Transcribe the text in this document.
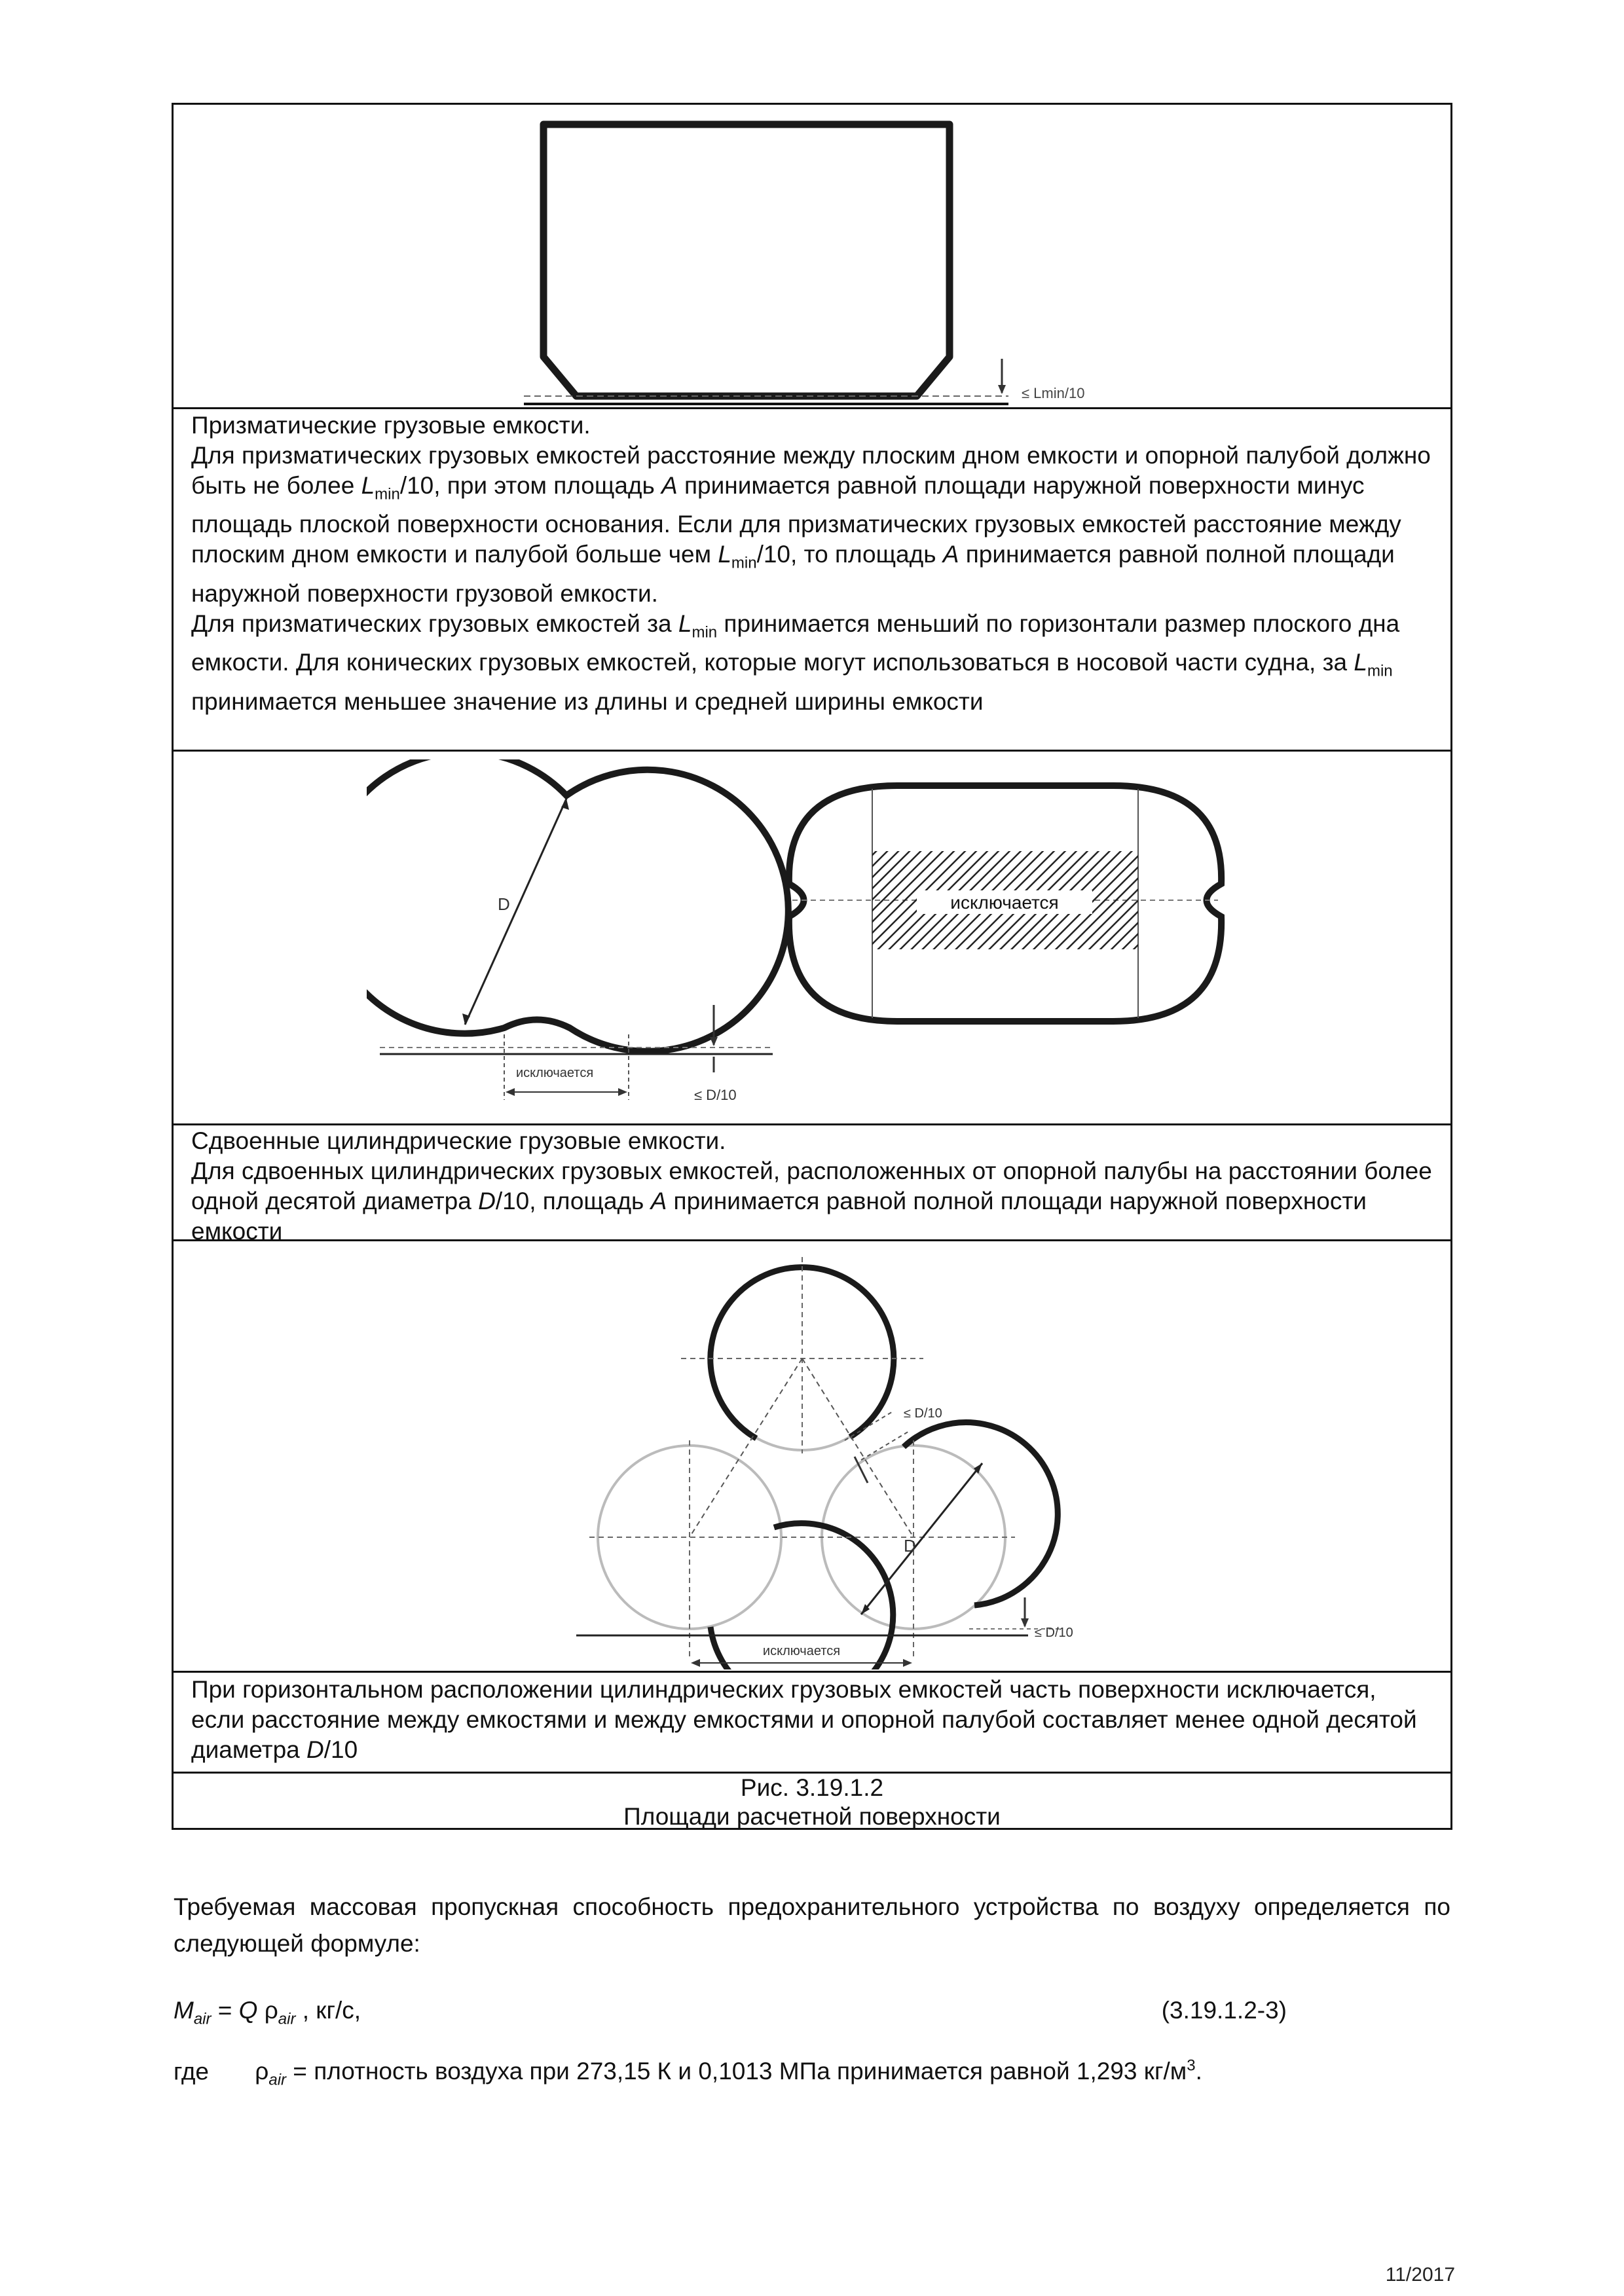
≤ Lmin/10

Призматические грузовые емкости.

Для призматических грузовых емкостей расстояние между плоским дном емкости и опорной палубой должно быть не более $L_{min}/10$, при этом площадь A принимается равной площади наружной поверхности минус площадь плоской поверхности основания. Если для призматических грузовых емкостей расстояние между плоским дном емкости и палубой больше чем $L_{min}/10$, то площадь A принимается равной полной площади наружной поверхности грузовой емкости.

Для призматических грузовых емкостей за $L_{min}$ принимается меньший по горизонтали размер плоского дна емкости. Для конических грузовых емкостей, которые могут использоваться в носовой части судна, за $L_{min}$ принимается меньшее значение из длины и средней ширины емкости

D
исключается
≤ D/10
исключается

Сдвоенные цилиндрические грузовые емкости.

Для сдвоенных цилиндрических грузовых емкостей, расположенных от опорной палубы на расстоянии более одной десятой диаметра D/10, площадь A принимается равной полной площади наружной поверхности емкости

≤ D/10
D
≤ D/10
исключается

При горизонтальном расположении цилиндрических грузовых емкостей часть поверхности исключается, если расстояние между емкостями и между емкостями и опорной палубой составляет менее одной десятой диаметра D/10

Рис. 3.19.1.2
Площади расчетной поверхности
Требуемая массовая пропускная способность предохранительного устройства по воздуху определяется по следующей формуле:
$M_{air} = Q$ $\rho_{air}$ , кг/с,	(3.19.1.2-3)
где $\rho_{air}$ = плотность воздуха при 273,15 К и 0,1013 МПа принимается равной 1,293 $кг/м^3$.
11/2017
